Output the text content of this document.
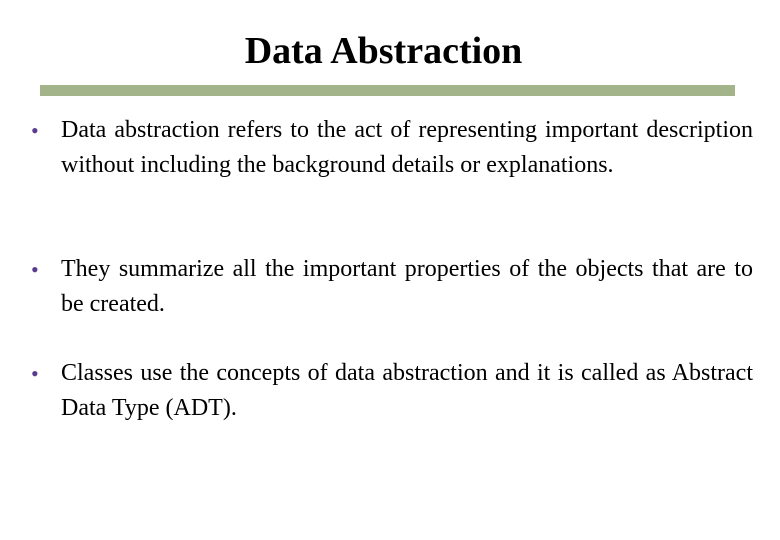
Data Abstraction
• Data abstraction refers to the act of representing important description without including the background details or explanations.
• They summarize all the important properties of the objects that are to be created.
• Classes use the concepts of data abstraction and it is called as Abstract Data Type (ADT).
